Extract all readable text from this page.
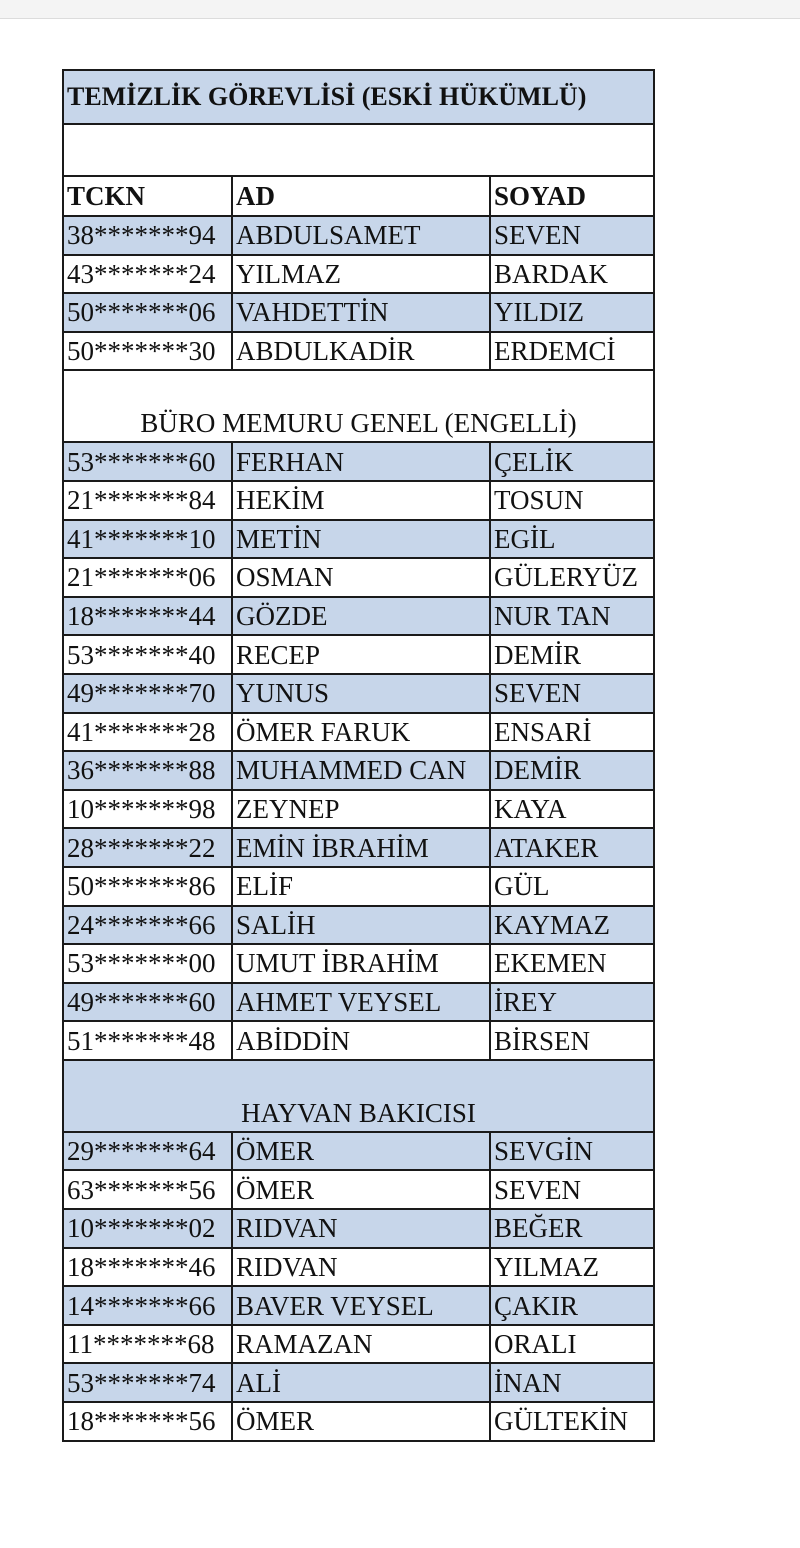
TEMİZLİK GÖREVLİSİ (ESKİ HÜKÜMLÜ)		

TCKN	AD	SOYAD
38*******94	ABDULSAMET	SEVEN
43*******24	YILMAZ	BARDAK
50*******06	VAHDETTİN	YILDIZ
50*******30	ABDULKADİR	ERDEMCİ
BÜRO MEMURU GENEL (ENGELLİ)		
53*******60	FERHAN	ÇELİK
21*******84	HEKİM	TOSUN
41*******10	METİN	EGİL
21*******06	OSMAN	GÜLERYÜZ
18*******44	GÖZDE	NUR TAN
53*******40	RECEP	DEMİR
49*******70	YUNUS	SEVEN
41*******28	ÖMER FARUK	ENSARİ
36*******88	MUHAMMED CAN	DEMİR
10*******98	ZEYNEP	KAYA
28*******22	EMİN İBRAHİM	ATAKER
50*******86	ELİF	GÜL
24*******66	SALİH	KAYMAZ
53*******00	UMUT İBRAHİM	EKEMEN
49*******60	AHMET VEYSEL	İREY
51*******48	ABİDDİN	BİRSEN
HAYVAN BAKICISI		
29*******64	ÖMER	SEVGİN
63*******56	ÖMER	SEVEN
10*******02	RIDVAN	BEĞER
18*******46	RIDVAN	YILMAZ
14*******66	BAVER VEYSEL	ÇAKIR
11*******68	RAMAZAN	ORALI
53*******74	ALİ	İNAN
18*******56	ÖMER	GÜLTEKİN
